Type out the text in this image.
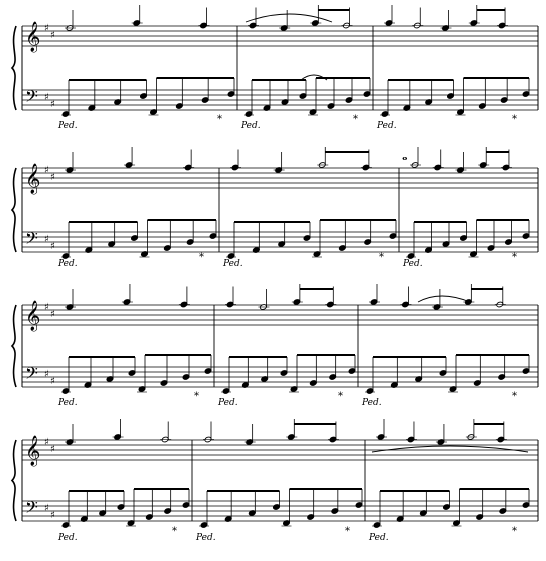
𝄞
𝄢
♯
♯
♯
♯
Ped.
*
Ped.
*
Ped.
*
𝄞
𝄢
♯
♯
♯
♯
Ped.
*
Ped.
*
Ped.
*
𝄞
𝄢
♯
♯
♯
♯
Ped.
*
Ped.
*
Ped.
*
𝄞
𝄢
♯
♯
♯
♯
Ped.
*
Ped.
*
Ped.
*
𝅝
